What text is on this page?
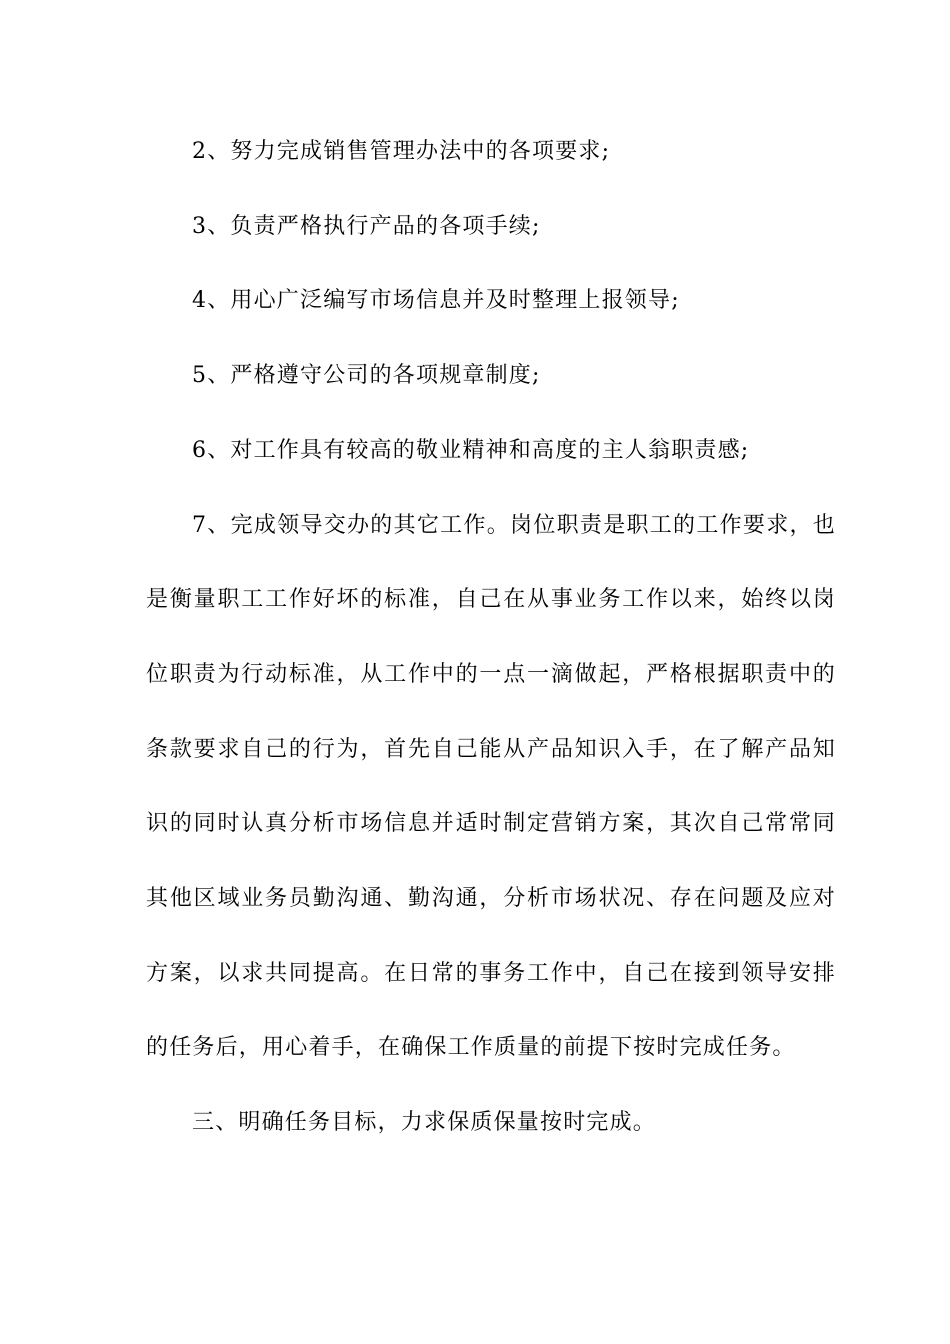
2、努力完成销售管理办法中的各项要求;

3、负责严格执行产品的各项手续;

4、用心广泛编写市场信息并及时整理上报领导;

5、严格遵守公司的各项规章制度;

6、对工作具有较高的敬业精神和高度的主人翁职责感;

7、完成领导交办的其它工作。岗位职责是职工的工作要求，也是衡量职工工作好坏的标准，自己在从事业务工作以来，始终以岗位职责为行动标准，从工作中的一点一滴做起，严格根据职责中的条款要求自己的行为，首先自己能从产品知识入手，在了解产品知识的同时认真分析市场信息并适时制定营销方案，其次自己常常同其他区域业务员勤沟通、勤沟通，分析市场状况、存在问题及应对方案，以求共同提高。在日常的事务工作中，自己在接到领导安排的任务后，用心着手，在确保工作质量的前提下按时完成任务。

三、明确任务目标，力求保质保量按时完成。
